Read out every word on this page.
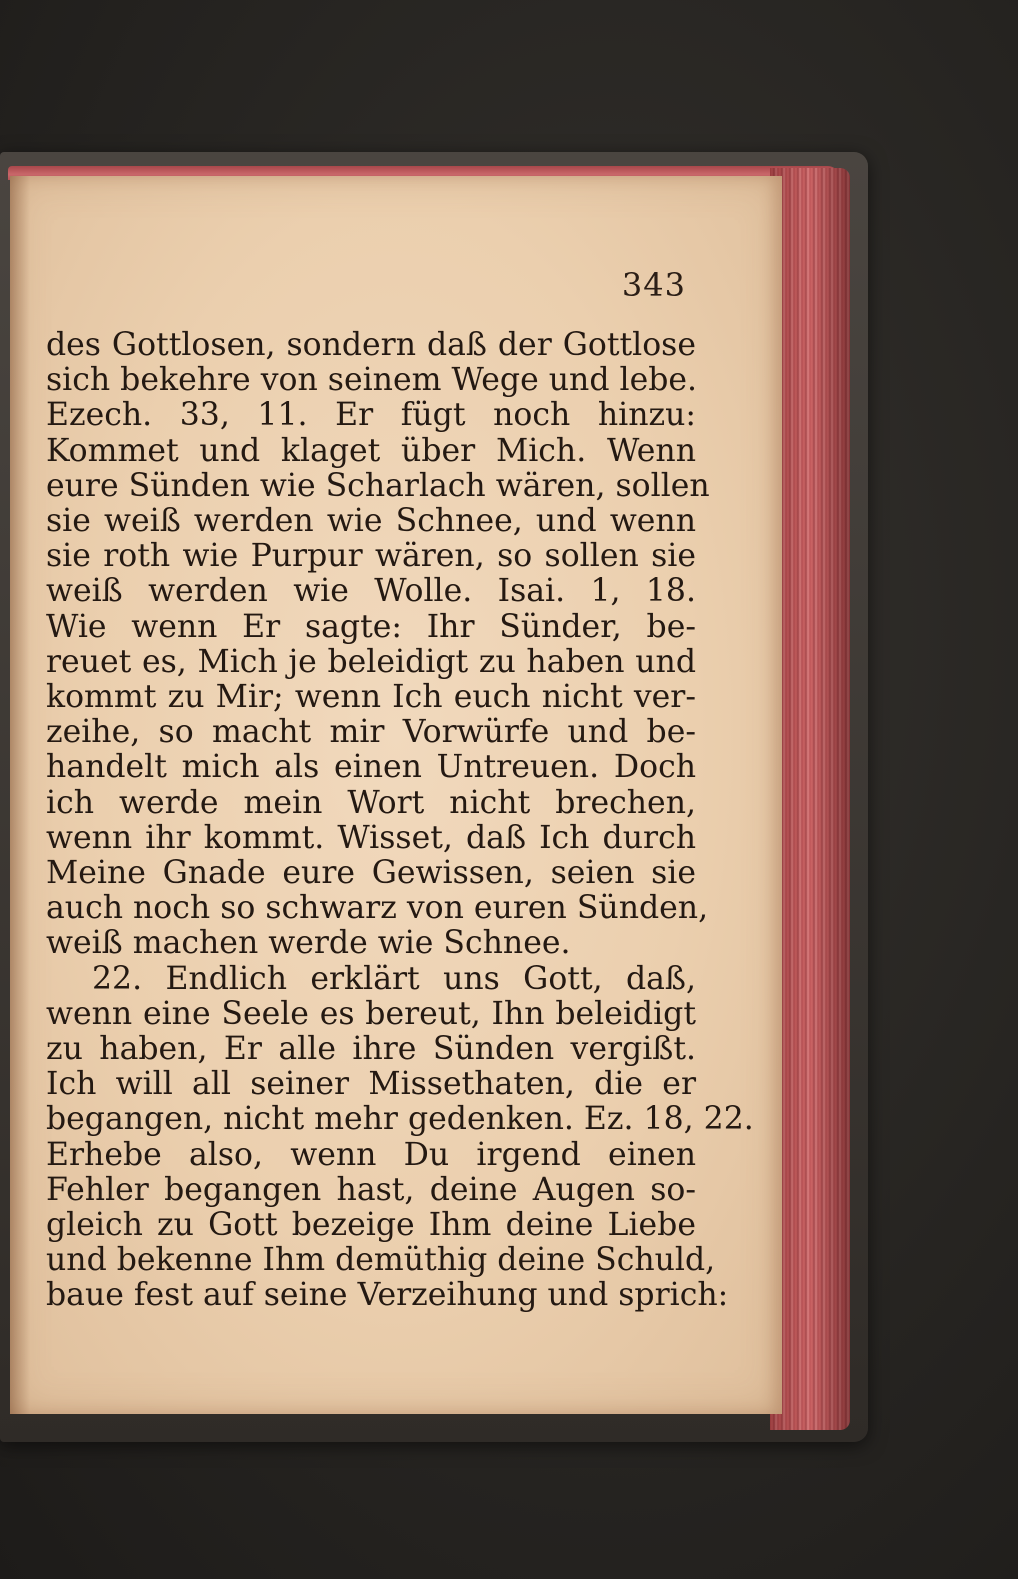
343
des Gottlosen, sondern daß der Gottlose
sich bekehre von seinem Wege und lebe.
Ezech. 33, 11. Er fügt noch hinzu:
Kommet und klaget über Mich. Wenn
eure Sünden wie Scharlach wären, sollen
sie weiß werden wie Schnee, und wenn
sie roth wie Purpur wären, so sollen sie
weiß werden wie Wolle. Isai. 1, 18.
Wie wenn Er sagte: Ihr Sünder, be-
reuet es, Mich je beleidigt zu haben und
kommt zu Mir; wenn Ich euch nicht ver-
zeihe, so macht mir Vorwürfe und be-
handelt mich als einen Untreuen. Doch
ich werde mein Wort nicht brechen,
wenn ihr kommt. Wisset, daß Ich durch
Meine Gnade eure Gewissen, seien sie
auch noch so schwarz von euren Sünden,
weiß machen werde wie Schnee.
22. Endlich erklärt uns Gott, daß,
wenn eine Seele es bereut, Ihn beleidigt
zu haben, Er alle ihre Sünden vergißt.
Ich will all seiner Missethaten, die er
begangen, nicht mehr gedenken. Ez. 18, 22.
Erhebe also, wenn Du irgend einen
Fehler begangen hast, deine Augen so-
gleich zu Gott bezeige Ihm deine Liebe
und bekenne Ihm demüthig deine Schuld,
baue fest auf seine Verzeihung und sprich:
